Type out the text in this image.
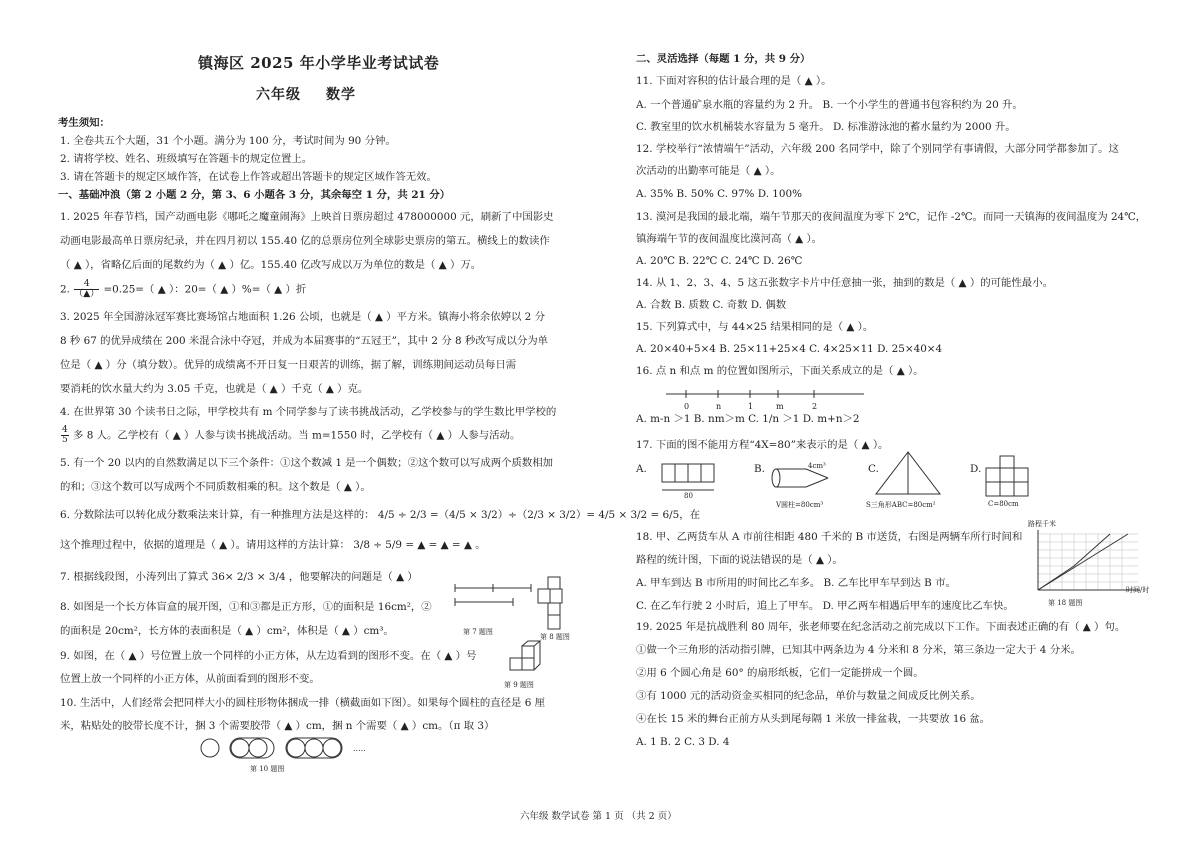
镇海区 2025 年小学毕业考试试卷
六年级 数学
考生须知：
1. 全卷共五个大题，31 个小题。满分为 100 分，考试时间为 90 分钟。
2. 请将学校、姓名、班级填写在答题卡的规定位置上。
3. 请在答题卡的规定区域作答，在试卷上作答或超出答题卡的规定区域作答无效。
一、基础冲浪（第 2 小题 2 分，第 3、6 小题各 3 分，其余每空 1 分，共 21 分）
1. 2025 年春节档，国产动画电影《哪吒之魔童闹海》上映首日票房超过 478000000 元，刷新了中国影史
动画电影最高单日票房纪录，并在四月初以 155.40 亿的总票房位列全球影史票房的第五。横线上的数读作
（ ▲ ），省略亿后面的尾数约为（ ▲ ）亿。155.40 亿改写成以万为单位的数是（ ▲ ）万。
2. $\frac{4}{(▲)} =0.25=$（ ▲ ）：20=（ ▲ ）%=（ ▲ ）折
3. 2025 年全国游泳冠军赛比赛场馆占地面积 1.26 公顷，也就是（ ▲ ）平方米。镇海小将余依婷以 2 分
8 秒 67 的优异成绩在 200 米混合泳中夺冠，并成为本届赛事的“五冠王”，其中 2 分 8 秒改写成以分为单
位是（ ▲ ）分（填分数）。优异的成绩离不开日复一日艰苦的训练，据了解，训练期间运动员每日需
要消耗的饮水量大约为 3.05 千克，也就是（ ▲ ）千克（ ▲ ）克。
4. 在世界第 30 个读书日之际，甲学校共有 m 个同学参与了读书挑战活动，乙学校参与的学生数比甲学校的
$\frac{4}{5}$ 多 8 人。乙学校有（ ▲ ）人参与读书挑战活动。当 m=1550 时，乙学校有（ ▲ ）人参与活动。
5. 有一个 20 以内的自然数满足以下三个条件：①这个数减 1 是一个偶数；②这个数可以写成两个质数相加
的和；③这个数可以写成两个不同质数相乘的积。这个数是（ ▲ ）。
6. 分数除法可以转化成分数乘法来计算，有一种推理方法是这样的： 4/5 ÷ 2/3 =（4/5 × 3/2）÷（2/3 × 3/2）= 4/5 × 3/2 = 6/5，在
这个推理过程中，依据的道理是（ ▲ ）。请用这样的方法计算： 3/8 ÷ 5/9 = ▲ = ▲ = ▲ 。
7. 根据线段图，小涛列出了算式 36× 2/3 × 3/4 ，他要解决的问题是（ ▲ ）
8. 如图是一个长方体盲盒的展开图，①和③都是正方形，①的面积是 16cm²，②
的面积是 20cm²，长方体的表面积是（ ▲ ）cm²，体积是（ ▲ ）cm³。
9. 如图，在（ ▲ ）号位置上放一个同样的小正方体，从左边看到的图形不变。在（ ▲ ）号
位置上放一个同样的小正方体，从前面看到的图形不变。
10. 生活中，人们经常会把同样大小的圆柱形物体捆成一排（横截面如下图）。如果每个圆柱的直径是 6 厘
米，粘贴处的胶带长度不计，捆 3 个需要胶带（ ▲ ）cm，捆 n 个需要（ ▲ ）cm。（π 取 3）
第 7 题图
第 8 题图
第 9 题图
.....
第 10 题图
二、灵活选择（每题 1 分，共 9 分）
11. 下面对容积的估计最合理的是（ ▲ ）。
A. 一个普通矿泉水瓶的容量约为 2 升。 B. 一个小学生的普通书包容积约为 20 升。
C. 教室里的饮水机桶装水容量为 5 毫升。 D. 标准游泳池的蓄水量约为 2000 升。
12. 学校举行“浓情端午”活动，六年级 200 名同学中，除了个别同学有事请假，大部分同学都参加了。这
次活动的出勤率可能是（ ▲ ）。
A. 35% B. 50% C. 97% D. 100%
13. 漠河是我国的最北端，端午节那天的夜间温度为零下 2℃，记作 -2℃。而同一天镇海的夜间温度为 24℃，
镇海端午节的夜间温度比漠河高（ ▲ ）。
A. 20℃ B. 22℃ C. 24℃ D. 26℃
14. 从 1、2、3、4、5 这五张数字卡片中任意抽一张，抽到的数是（ ▲ ）的可能性最小。
A. 合数 B. 质数 C. 奇数 D. 偶数
15. 下列算式中，与 44×25 结果相同的是（ ▲ ）。
A. 20×40+5×4 B. 25×11+25×4 C. 4×25×11 D. 25×40×4
16. 点 n 和点 m 的位置如图所示，下面关系成立的是（ ▲ ）。
0	n	1	m	2
A. m-n ＞1 B. nm＞m C. 1/n ＞1 D. m+n＞2
17. 下面的图不能用方程“4X=80”来表示的是（ ▲ ）。
A.
80
B.	4cm³
V圆柱=80cm³
C.
S三角形ABC=80cm²
D.
C=80cm
18. 甲、乙两货车从 A 市前往相距 480 千米的 B 市送货，右图是两辆车所行时间和
路程的统计图，下面的说法错误的是（ ▲ ）。
A. 甲车到达 B 市所用的时间比乙车多。 B. 乙车比甲车早到达 B 市。
C. 在乙车行驶 2 小时后，追上了甲车。 D. 甲乙两车相遇后甲车的速度比乙车快。
路程千米
时间/时
第 18 题图
19. 2025 年是抗战胜利 80 周年，张老师要在纪念活动之前完成以下工作。下面表述正确的有（ ▲ ）句。
①做一个三角形的活动指引牌，已知其中两条边为 4 分米和 8 分米，第三条边一定大于 4 分米。
②用 6 个圆心角是 60° 的扇形纸板，它们一定能拼成一个圆。
③有 1000 元的活动资金买相同的纪念品，单价与数量之间成反比例关系。
④在长 15 米的舞台正前方从头到尾每隔 1 米放一排盆栽，一共要放 16 盆。
A. 1 B. 2 C. 3 D. 4
六年级 数学试卷 第 1 页 （共 2 页）
